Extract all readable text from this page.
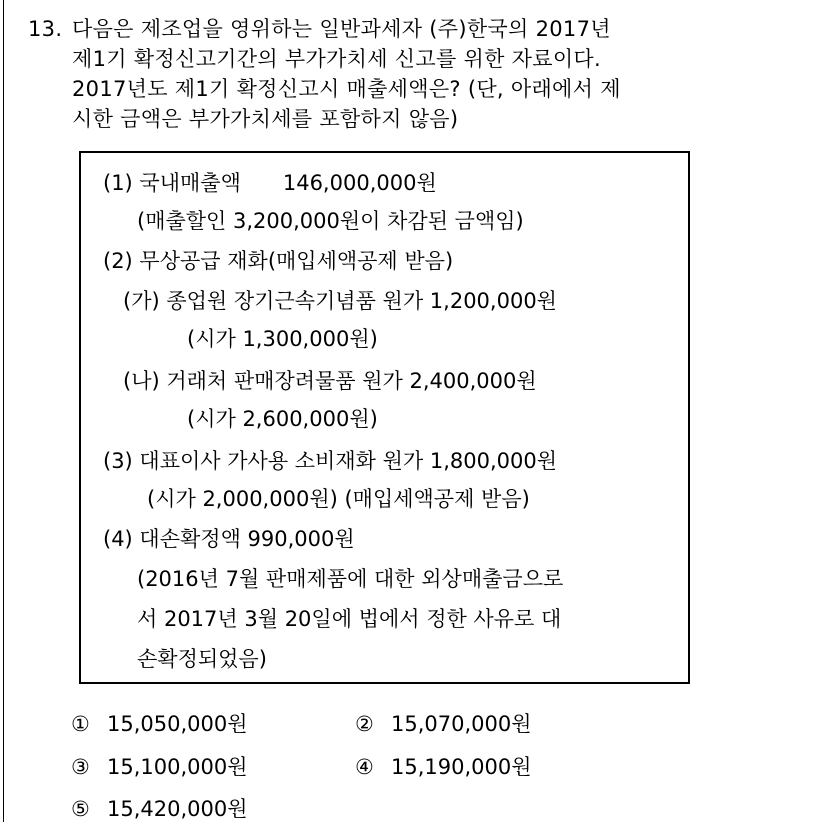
13. 다음은 제조업을 영위하는 일반과세자 (주)한국의 2017년
제1기 확정신고기간의 부가가치세 신고를 위한 자료이다.
2017년도 제1기 확정신고시 매출세액은? (단, 아래에서 제
시한 금액은 부가가치세를 포함하지 않음)
(1) 국내매출액　　146,000,000원
(매출할인 3,200,000원이 차감된 금액임)
(2) 무상공급 재화(매입세액공제 받음)
(가) 종업원 장기근속기념품 원가 1,200,000원
(시가 1,300,000원)
(나) 거래처 판매장려물품 원가 2,400,000원
(시가 2,600,000원)
(3) 대표이사 가사용 소비재화 원가 1,800,000원
(시가 2,000,000원) (매입세액공제 받음)
(4) 대손확정액 990,000원
(2016년 7월 판매제품에 대한 외상매출금으로
서 2017년 3월 20일에 법에서 정한 사유로 대
손확정되었음)
① 15,050,000원	② 15,070,000원
③ 15,100,000원	④ 15,190,000원
⑤ 15,420,000원
